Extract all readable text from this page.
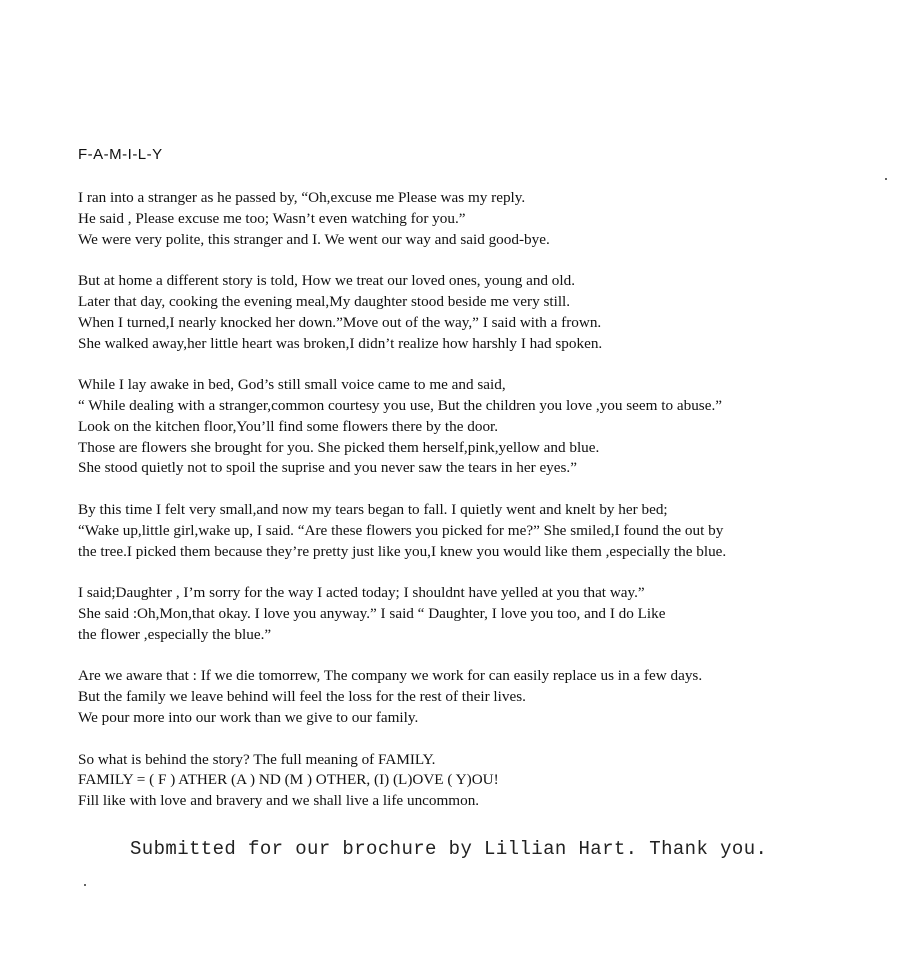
F-A-M-I-L-Y
I ran into a stranger as he passed by, “Oh,excuse me Please was my reply.
He said , Please excuse me too; Wasn’t even watching for you.”
We were very polite, this stranger and I. We went our way and said good-bye.
But at home a different story is told, How we treat our loved ones, young and old.
Later that day, cooking the evening meal,My daughter stood beside me very still.
When I turned,I nearly knocked her down.”Move out of the way,” I said with a frown.
She walked away,her little heart was broken,I didn’t realize how harshly I had spoken.
While I lay awake in bed, God’s still small voice came to me and said,
“ While dealing with a stranger,common courtesy you use, But the children you love ,you seem to abuse.”
Look on the kitchen floor,You’ll find some flowers there by the door.
Those are flowers she brought for you. She picked them herself,pink,yellow and blue.
She stood quietly not to spoil the suprise and you never saw the tears in her eyes.”
By this time I felt very small,and now my tears began to fall. I quietly went and knelt by her bed;
“Wake up,little girl,wake up, I said. “Are these flowers you picked for me?” She smiled,I found the out by
the tree.I picked them because they’re pretty just like you,I knew you would like them ,especially the blue.
I said;Daughter , I’m sorry for the way I acted today; I shouldnt have yelled at you that way.”
She said :Oh,Mon,that okay. I love you anyway.” I said “ Daughter, I love you too, and I do Like
the flower ,especially the blue.”
Are we aware that : If we die tomorrew, The company we work for can easily replace us in a few days.
But the family we leave behind will feel the loss for the rest of their lives.
We pour more into our work than we give to our family.
So what is behind the story? The full meaning of FAMILY.
FAMILY = ( F ) ATHER (A ) ND (M ) OTHER, (I) (L)OVE ( Y)OU!
Fill like with love and bravery and we shall live a life uncommon.
Submitted for our brochure by Lillian Hart. Thank you.
